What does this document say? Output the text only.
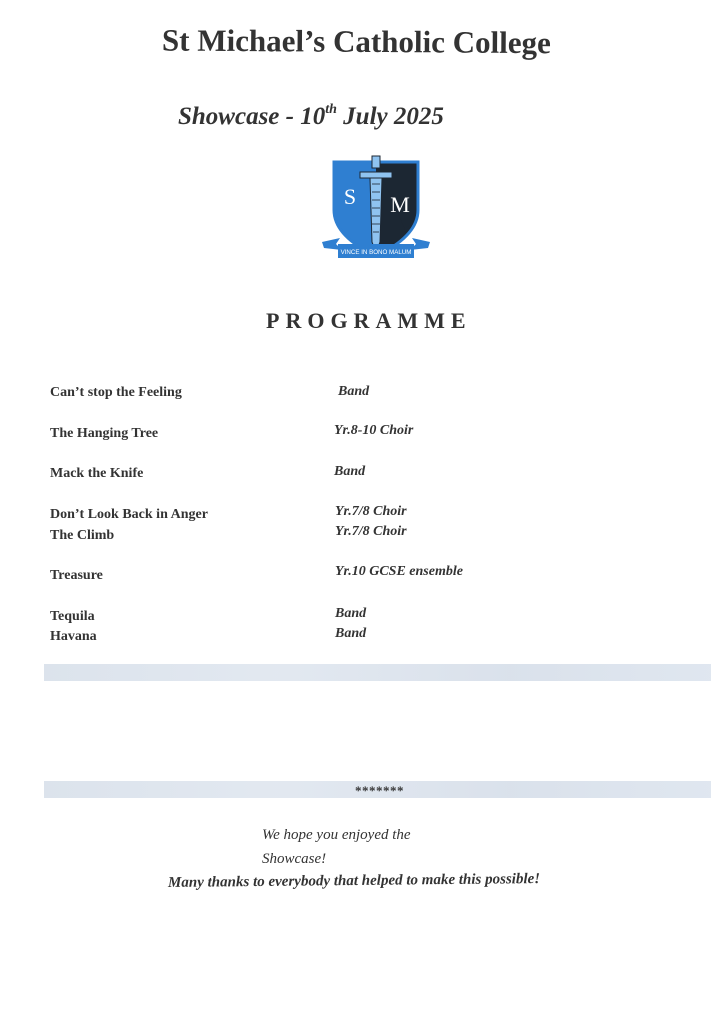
St Michael’s Catholic College
Showcase - 10th July 2025
S M
VINCE IN BONO MALUM
PROGRAMME
Can’t stop the Feeling	Band
The Hanging Tree	Yr.8-10 Choir
Mack the Knife	Band
Don’t Look Back in Anger	Yr.7/8 Choir
The Climb	Yr.7/8 Choir
Treasure	Yr.10 GCSE ensemble
Tequila	Band
Havana	Band
*******
We hope you enjoyed the
Showcase!
Many thanks to everybody that helped to make this possible!
